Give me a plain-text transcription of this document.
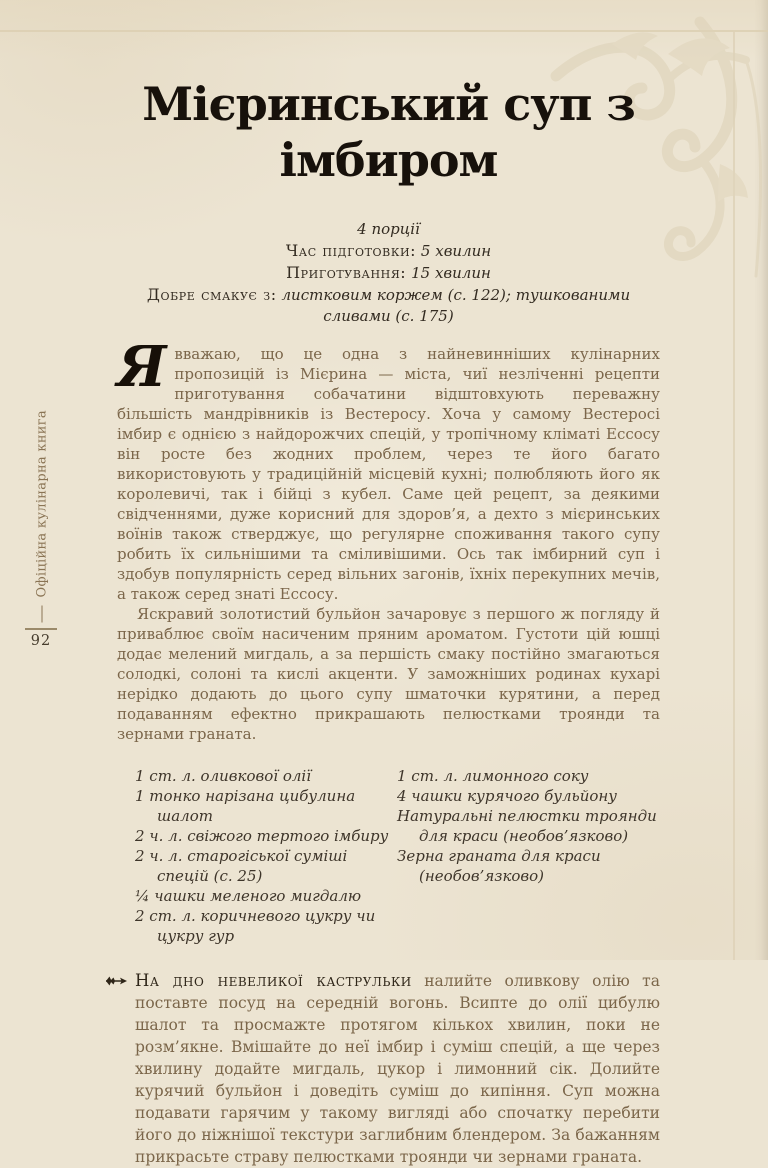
Офіційна кулінарна книга
92
Мієринський суп з імбиром
4 порції
Час підготовки: 5 хвилин
Приготування: 15 хвилин
Добре смакує з: листковим коржем (с. 122); тушкованими сливами (с. 175)

Явважаю, що це одна з найневинніших кулінарних пропозицій із Мієрина — міста, чиї незліченні рецепти приготування собачатини відштовхують переважну більшість мандрівників із Вестеросу. Хоча у самому Вестеросі імбир є однією з найдорожчих спецій, у тропічному кліматі Ессосу він росте без жодних проблем, через те його багато використовують у традиційній місцевій кухні; полюбляють його як королевичі, так і бійці з кубел. Саме цей рецепт, за деякими свідченнями, дуже корисний для здоров’я, а дехто з мієринських воїнів також стверджує, що регулярне споживання такого супу робить їх сильнішими та сміливішими. Ось так імбирний суп і здобув популярність серед вільних загонів, їхніх перекупних мечів, а також серед знаті Ессосу.

Яскравий золотистий бульйон зачаровує з першого ж погляду й приваблює своїм насиченим пряним ароматом. Густоти цій юшці додає мелений мигдаль, а за першість смаку постійно змагаються солодкі, солоні та кислі акценти. У заможніших родинах кухарі нерідко додають до цього супу шматочки курятини, а перед подаванням ефектно прикрашають пелюстками троянди та зернами граната.

1 ст. л. оливкової олії
1 тонко нарізана цибулина шалот
2 ч. л. свіжого тертого імбиру
2 ч. л. старогіської суміші спецій (с. 25)
¼ чашки меленого мигдалю
2 ст. л. коричневого цукру чи цукру гур
1 ст. л. лимонного соку
4 чашки курячого бульйону
Натуральні пелюстки троянди для краси (необов’язково)
Зерна граната для краси (необов’язково)

На дно невеликої каструльки налийте оливкову олію та поставте посуд на середній вогонь. Всипте до олії цибулю шалот та просмажте протягом кількох хвилин, поки не розм’якне. Вмішайте до неї імбир і суміш спецій, а ще через хвилину додайте мигдаль, цукор і лимонний сік. Долийте курячий бульйон і доведіть суміш до кипіння. Суп можна подавати гарячим у такому вигляді або спочатку перебити його до ніжнішої текстури заглибним блендером. За бажанням прикрасьте страву пелюстками троянди чи зернами граната.
